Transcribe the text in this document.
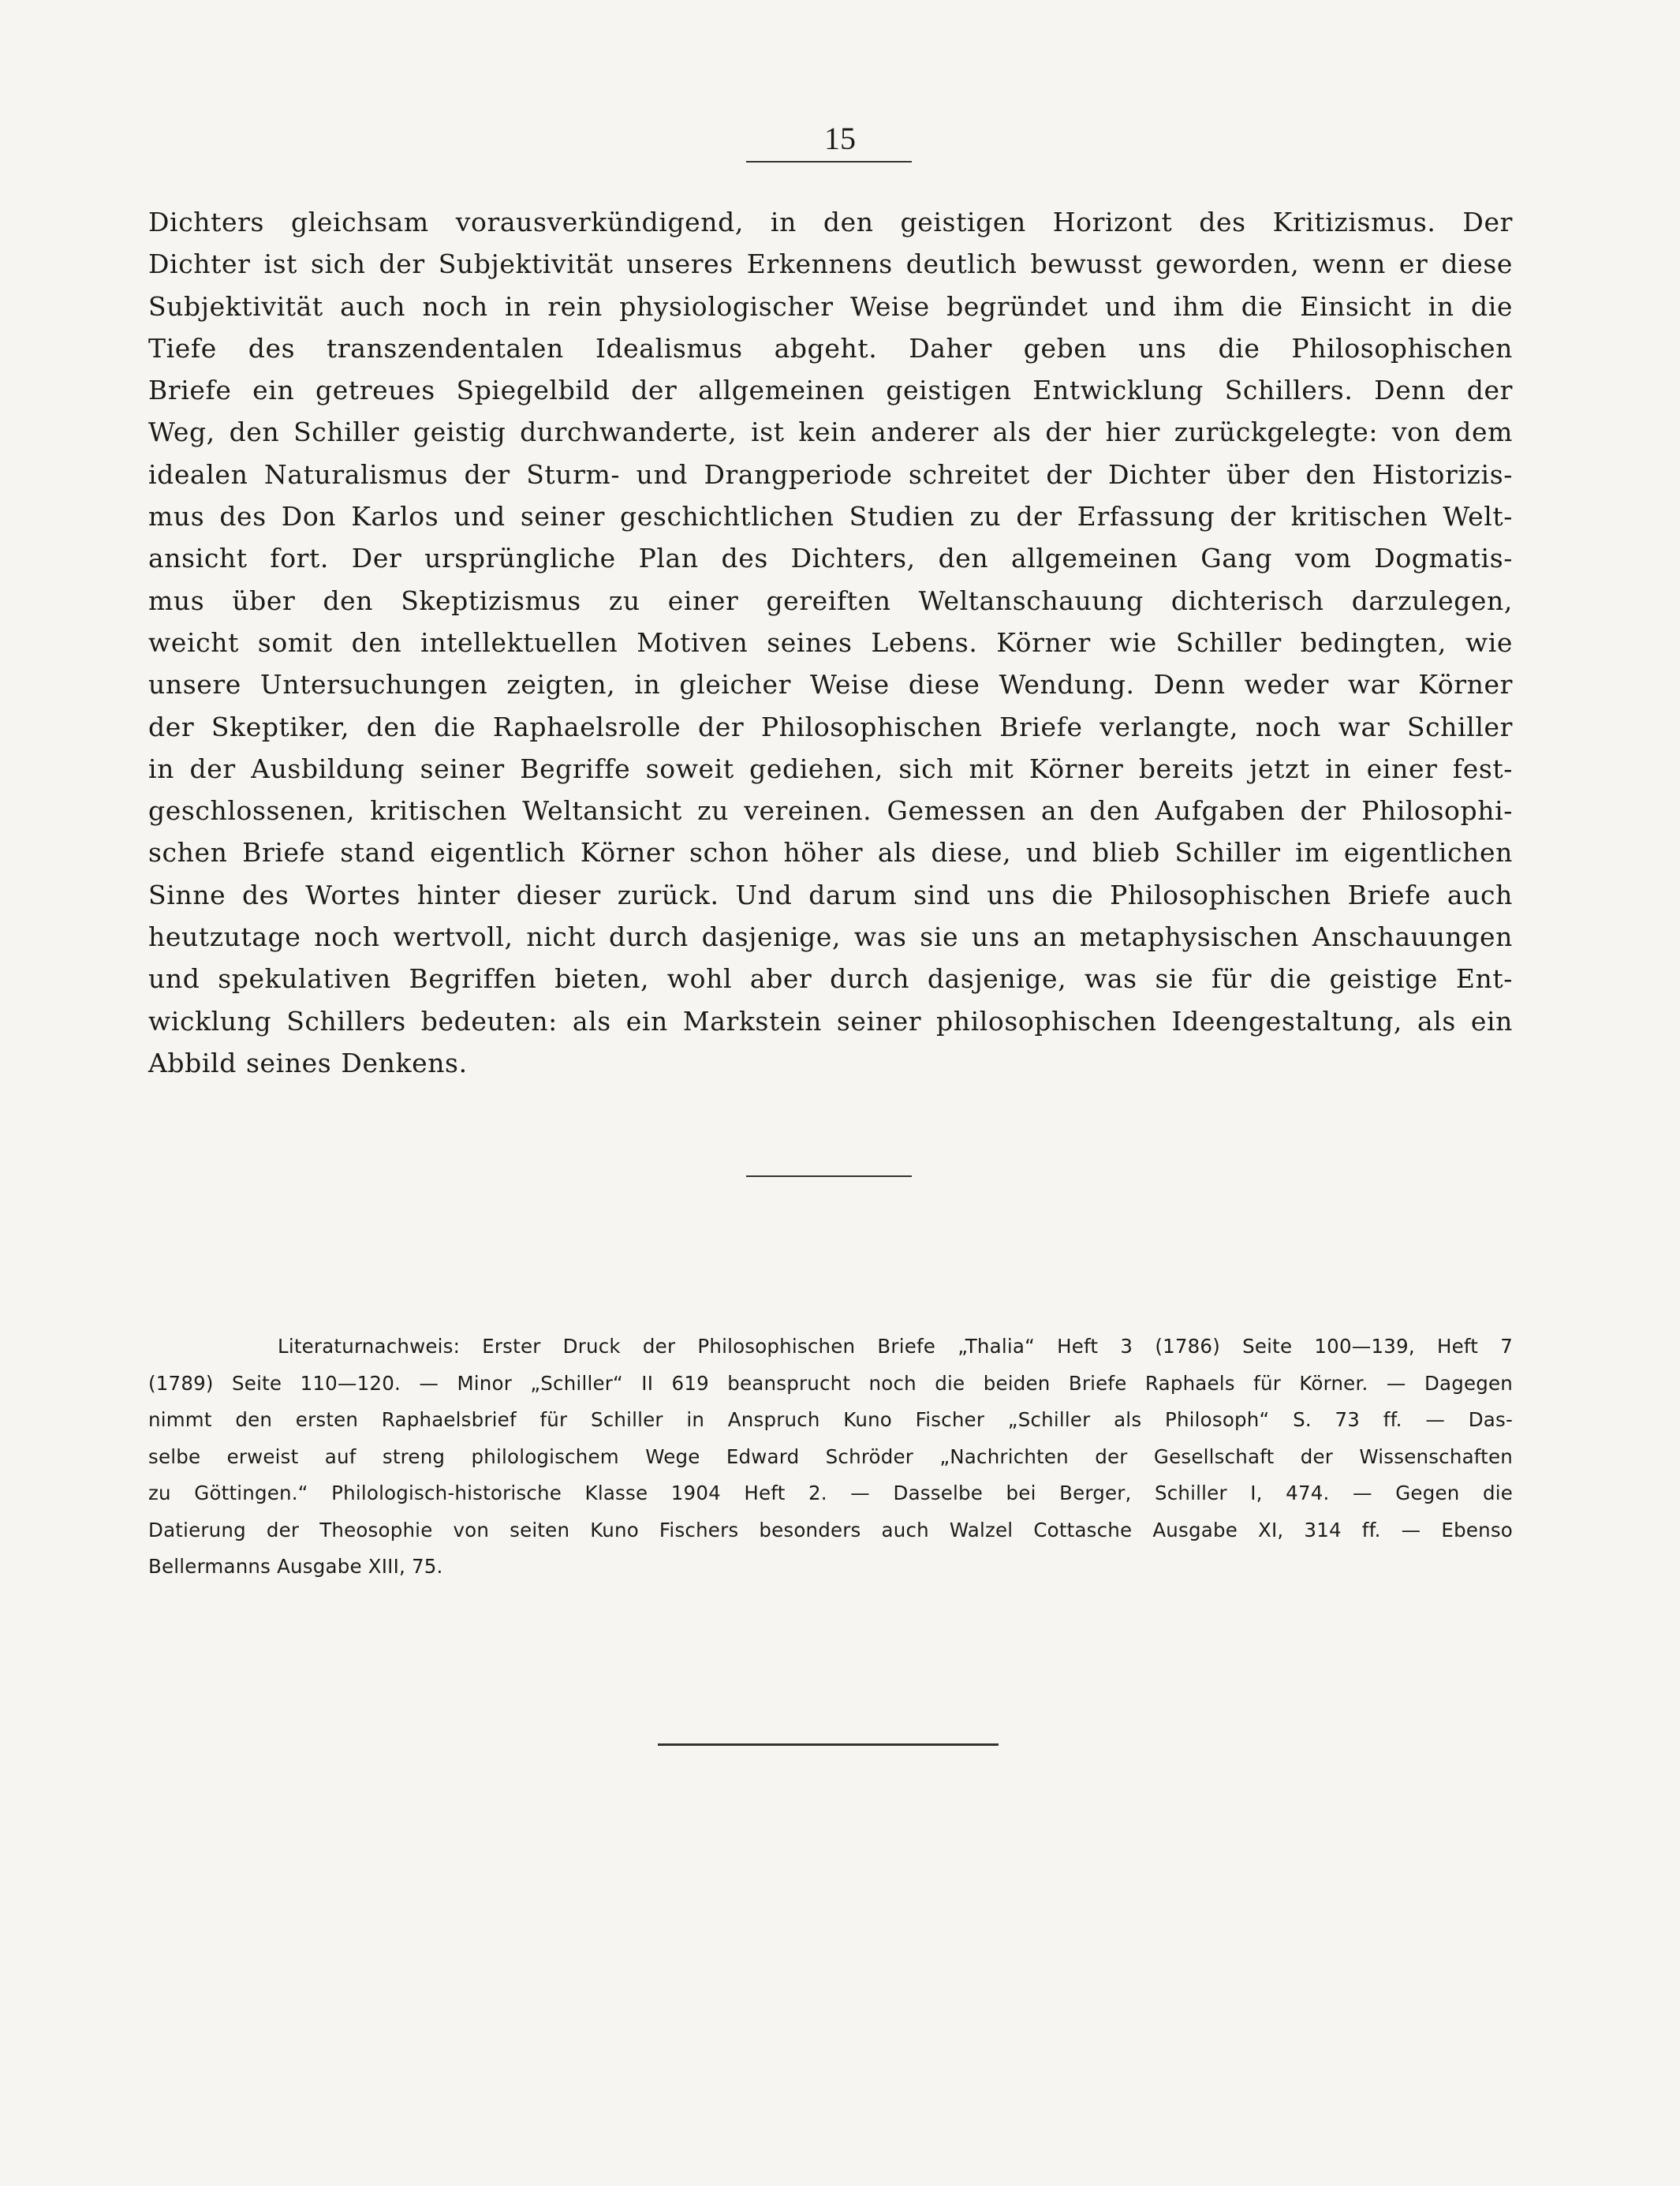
15
Dichters gleichsam vorausverkündigend, in den geistigen Horizont des Kritizismus. Der
Dichter ist sich der Subjektivität unseres Erkennens deutlich bewusst geworden, wenn er diese
Subjektivität auch noch in rein physiologischer Weise begründet und ihm die Einsicht in die
Tiefe des transzendentalen Idealismus abgeht. Daher geben uns die Philosophischen
Briefe ein getreues Spiegelbild der allgemeinen geistigen Entwicklung Schillers. Denn der
Weg, den Schiller geistig durchwanderte, ist kein anderer als der hier zurückgelegte: von dem
idealen Naturalismus der Sturm- und Drangperiode schreitet der Dichter über den Historizis-
mus des Don Karlos und seiner geschichtlichen Studien zu der Erfassung der kritischen Welt-
ansicht fort. Der ursprüngliche Plan des Dichters, den allgemeinen Gang vom Dogmatis-
mus über den Skeptizismus zu einer gereiften Weltanschauung dichterisch darzulegen,
weicht somit den intellektuellen Motiven seines Lebens. Körner wie Schiller bedingten, wie
unsere Untersuchungen zeigten, in gleicher Weise diese Wendung. Denn weder war Körner
der Skeptiker, den die Raphaelsrolle der Philosophischen Briefe verlangte, noch war Schiller
in der Ausbildung seiner Begriffe soweit gediehen, sich mit Körner bereits jetzt in einer fest-
geschlossenen, kritischen Weltansicht zu vereinen. Gemessen an den Aufgaben der Philosophi-
schen Briefe stand eigentlich Körner schon höher als diese, und blieb Schiller im eigentlichen
Sinne des Wortes hinter dieser zurück. Und darum sind uns die Philosophischen Briefe auch
heutzutage noch wertvoll, nicht durch dasjenige, was sie uns an metaphysischen Anschauungen
und spekulativen Begriffen bieten, wohl aber durch dasjenige, was sie für die geistige Ent-
wicklung Schillers bedeuten: als ein Markstein seiner philosophischen Ideengestaltung, als ein
Abbild seines Denkens.
Literaturnachweis: Erster Druck der Philosophischen Briefe „Thalia“ Heft 3 (1786) Seite 100—139, Heft 7
(1789) Seite 110—120. — Minor „Schiller“ II 619 beansprucht noch die beiden Briefe Raphaels für Körner. — Dagegen
nimmt den ersten Raphaelsbrief für Schiller in Anspruch Kuno Fischer „Schiller als Philosoph“ S. 73 ff. — Das-
selbe erweist auf streng philologischem Wege Edward Schröder „Nachrichten der Gesellschaft der Wissenschaften
zu Göttingen.“ Philologisch-historische Klasse 1904 Heft 2. — Dasselbe bei Berger, Schiller I, 474. — Gegen die
Datierung der Theosophie von seiten Kuno Fischers besonders auch Walzel Cottasche Ausgabe XI, 314 ff. — Ebenso
Bellermanns Ausgabe XIII, 75.
